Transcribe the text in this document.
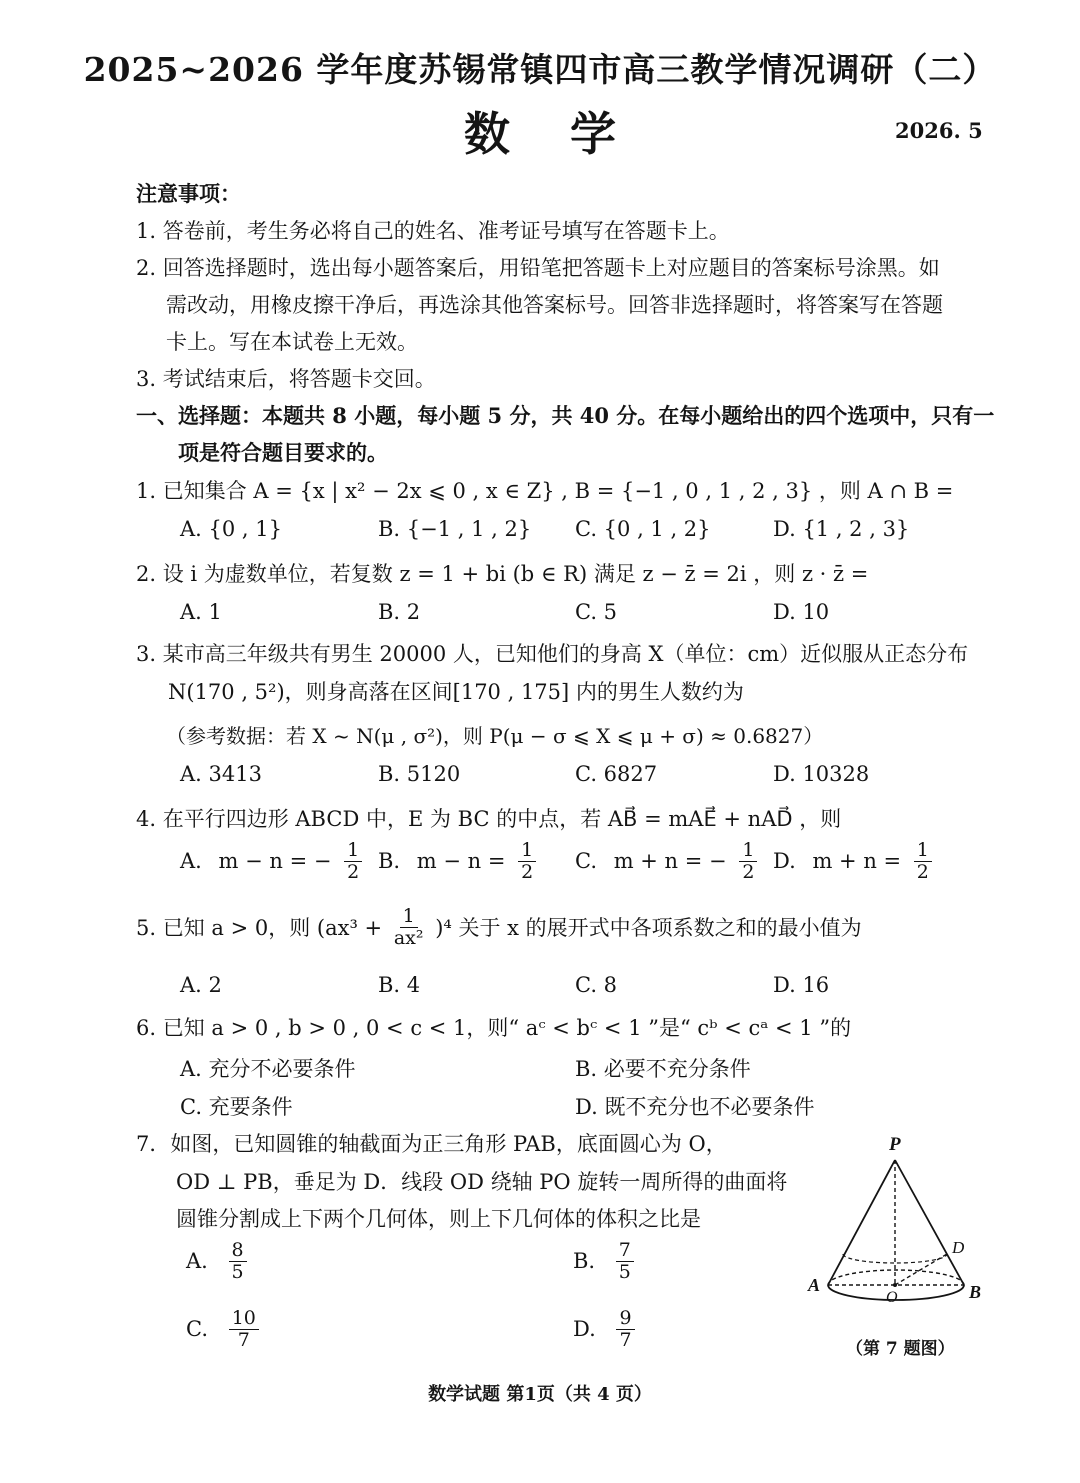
2025~2026 学年度苏锡常镇四市高三教学情况调研（二）
数学	2026. 5
注意事项：
1. 答卷前，考生务必将自己的姓名、准考证号填写在答题卡上。
2. 回答选择题时，选出每小题答案后，用铅笔把答题卡上对应题目的答案标号涂黑。如
需改动，用橡皮擦干净后，再选涂其他答案标号。回答非选择题时，将答案写在答题
卡上。写在本试卷上无效。
3. 考试结束后，将答题卡交回。
一、选择题：本题共 8 小题，每小题 5 分，共 40 分。在每小题给出的四个选项中，只有一
项是符合题目要求的。
1. 已知集合 A = {x | x² − 2x ⩽ 0 , x ∈ Z} , B = {−1 , 0 , 1 , 2 , 3} ，则 A ∩ B =
A. {0 , 1}	B. {−1 , 1 , 2} C. {0 , 1 , 2}	D. {1 , 2 , 3}
2. 设 i 为虚数单位，若复数 z = 1 + bi (b ∈ R) 满足 z − z̄ = 2i ，则 z · z̄ =
A. 1	B. 2	C. 5	D. 10
3. 某市高三年级共有男生 20000 人，已知他们的身高 X（单位：cm）近似服从正态分布
N(170 , 5²)，则身高落在区间[170 , 175] 内的男生人数约为
（参考数据：若 X ~ N(μ , σ²)，则 P(μ − σ ⩽ X ⩽ μ + σ) ≈ 0.6827）
A. 3413	B. 5120	C. 6827	D. 10328
4. 在平行四边形 ABCD 中，E 为 BC 的中点，若 AB⃗ = mAE⃗ + nAD⃗ ，则
A. m − n = − $\frac{1}{2} B$. $m - n = \frac{1}{2} C$. m + n = − $\frac{1}{2} D$. $m + n = \frac{1}{2}$
5. 已知 a > 0，则 $(ax^3 + \frac{1}{\text{ax²}} )^4$ 关于 x 的展开式中各项系数之和的最小值为
A. 2	B. 4	C. 8	D. 16
6. 已知 a > 0 , b > 0 , 0 < c < 1，则“ aᶜ < bᶜ < 1 ”是“ cᵇ < cᵃ < 1 ”的
A. 充分不必要条件	B. 必要不充分条件
C. 充要条件	D. 既不充分也不必要条件
7．如图，已知圆锥的轴截面为正三角形 PAB，底面圆心为 O，
OD ⊥ PB，垂足为 D．线段 OD 绕轴 PO 旋转一周所得的曲面将
圆锥分割成上下两个几何体，则上下几何体的体积之比是
A. $\frac{8}{5}$	B. $\frac{7}{5}$
C. $\frac{10}{7}$	D. $\frac{9}{7}$
P
A	B
O
D
（第 7 题图）
数学试题 第1页（共 4 页）
